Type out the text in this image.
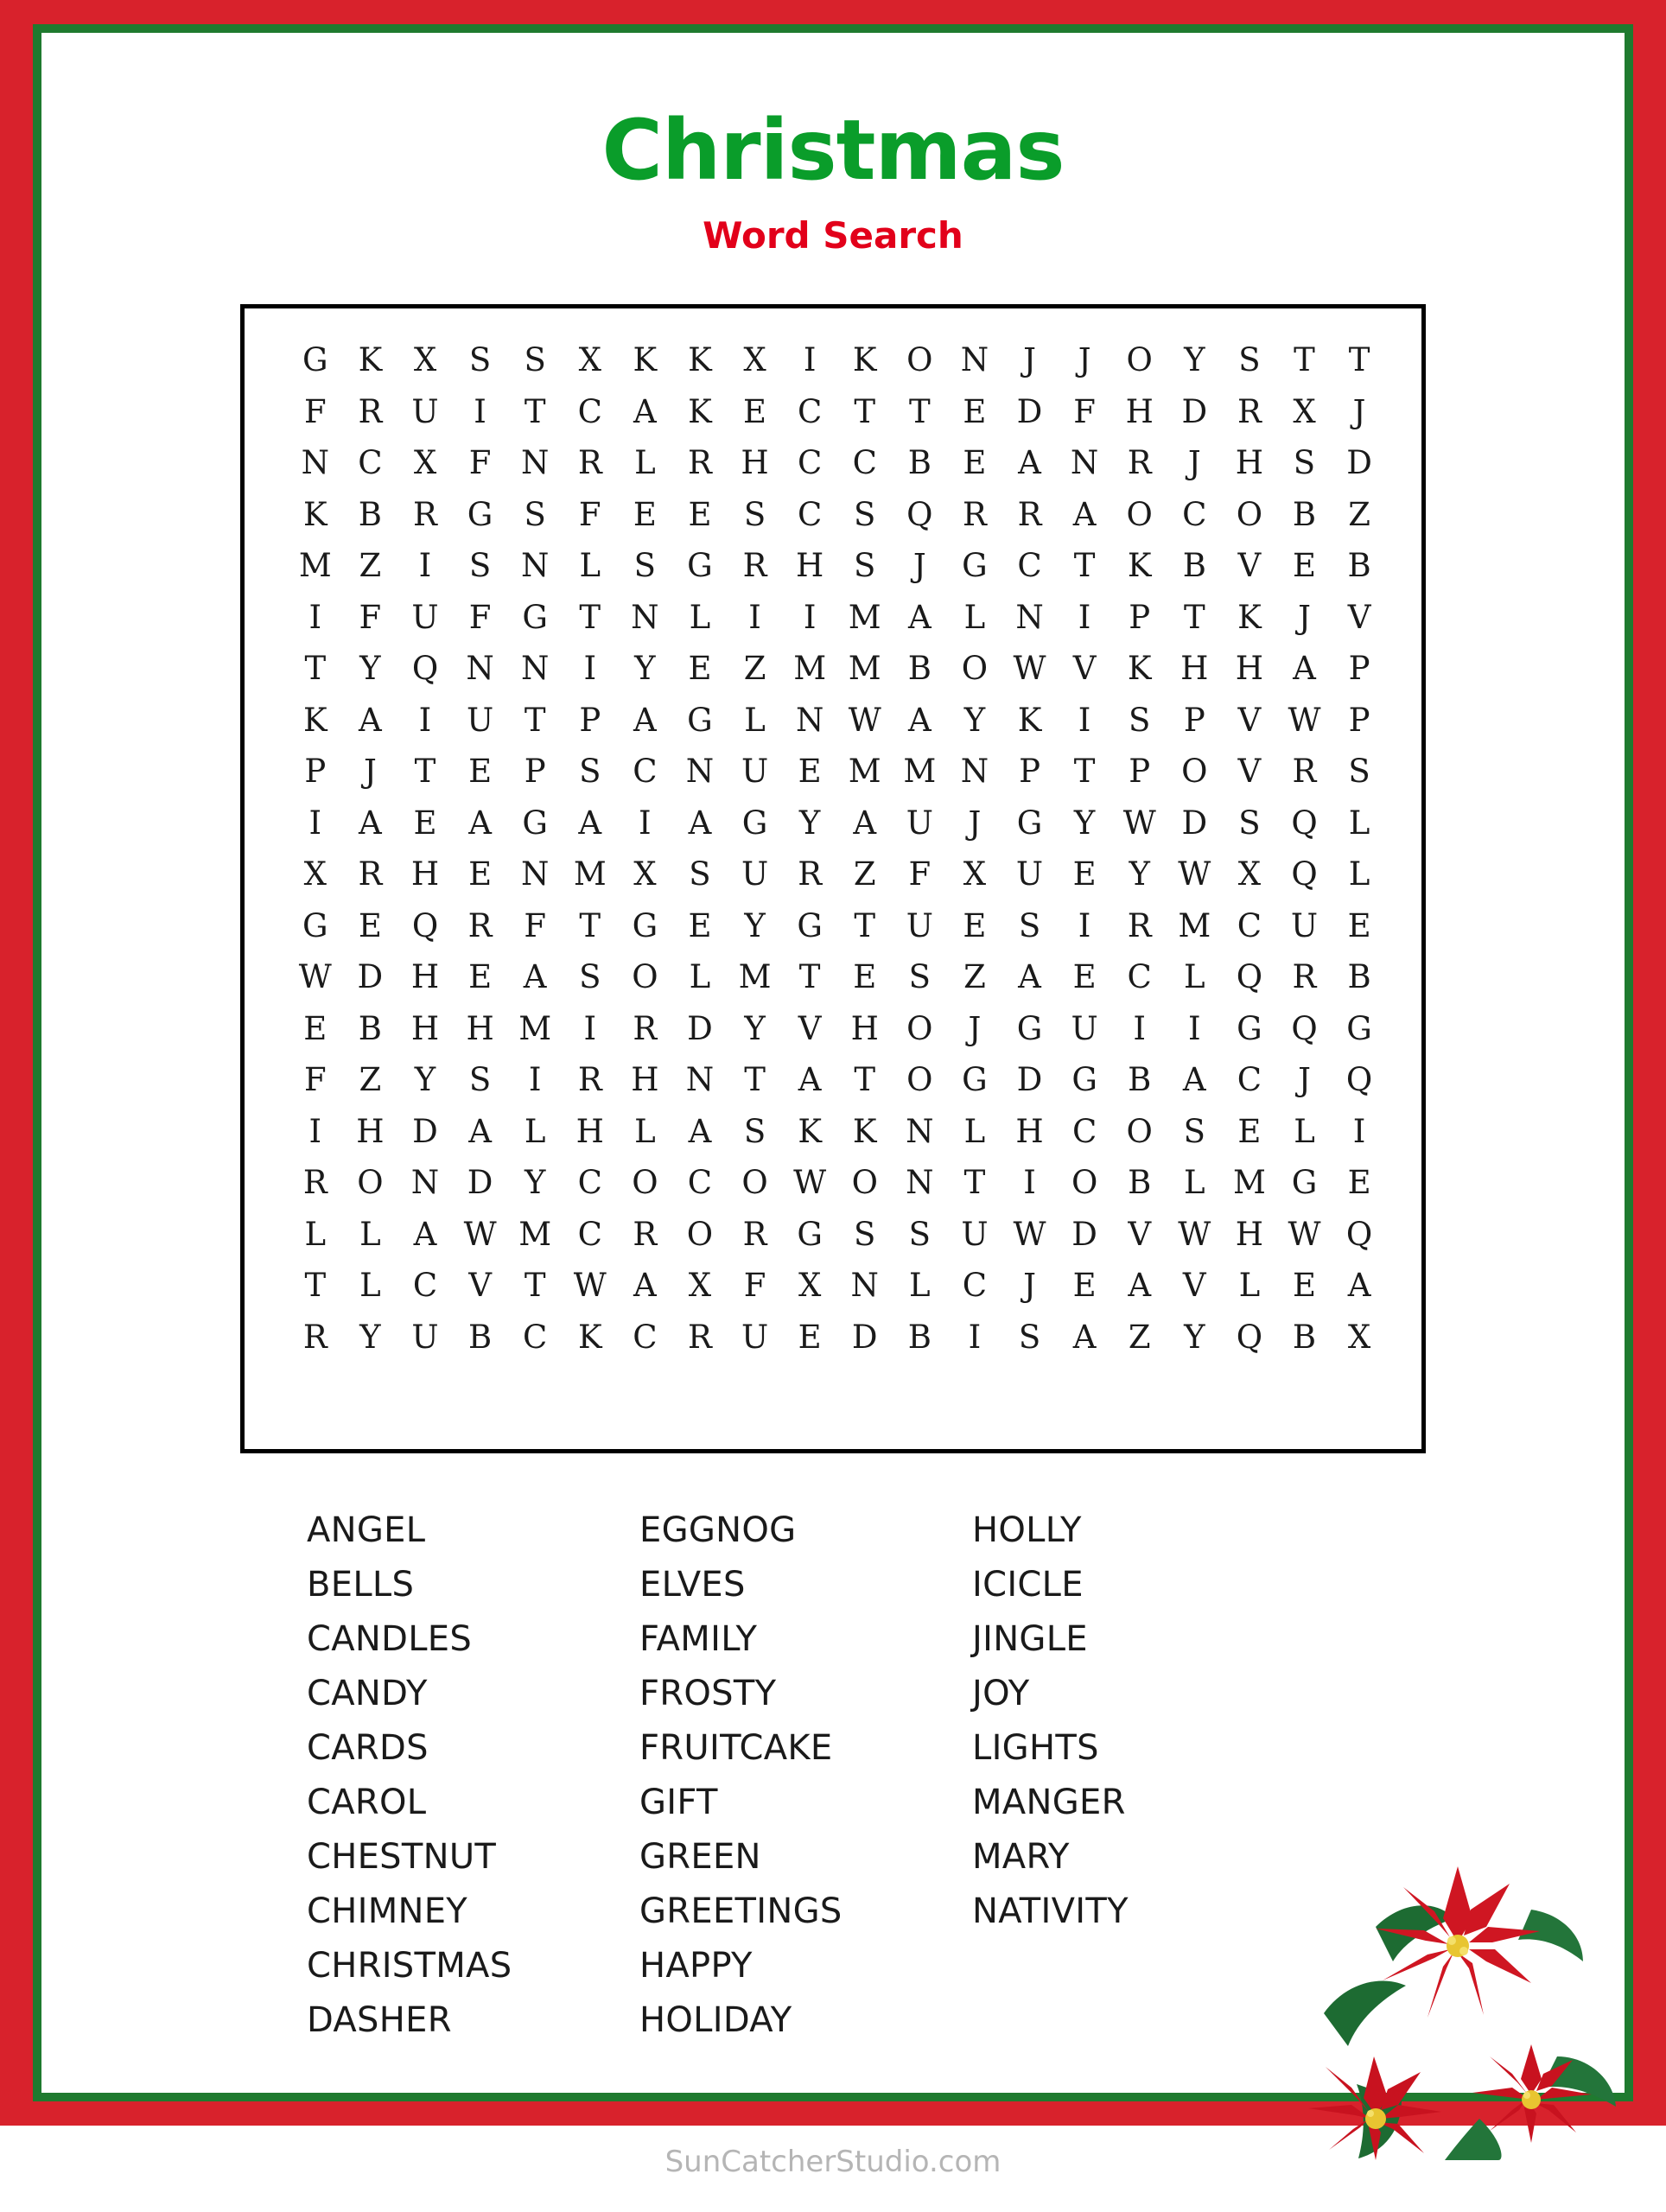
Christmas
Word Search
G K X	S	S	X K K X	I	K O N	J	J	O Y	S	T	T
F R U	I	T	C A K E C	T	T	E D F H D R X	J
N C X	F N R	L	R H C C B E A N R	J	H S D
K B R G S	F	E E	S C S Q R R A O C O B	Z
M Z	I	S N L	S G R H S	J	G C	T	K B V E B
I	F U F G T N L	I	I	M A	L N	I	P	T	K	J	V
T	Y Q N N	I	Y	E	Z M M B O W V K H H A	P
K A	I	U T	P	A G L N W A	Y	K	I	S	P	V W P
P	J	T	E	P	S C N U E M M N P	T	P O V R S
I	A E A G A	I	A G Y	A U	J	G Y W D S Q L
X R H E N M X	S U R Z	F	X U E	Y W X Q L
G E Q R F	T G E	Y G T U E	S	I	R M C U E
W D H E A	S O L M T	E	S	Z	A E C	L Q R B
E B H H M	I	R D Y	V H O	J	G U	I	I	G Q G
F	Z	Y	S	I	R H N T	A	T O G D G B A C	J	Q
I	H D A	L H L	A	S	K K N L H C O S	E	L	I
R O N D Y	C O C O W O N T	I	O B	L M G E
L	L	A W M C R O R G S	S U W D V W H W Q
T	L	C V	T W A	X	F	X N L	C	J	E A V	L	E A
R	Y U B C K C R U E D B	I	S	A	Z	Y Q B X
ANGEL
BELLS
CANDLES
CANDY
CARDS
CAROL
CHESTNUT
CHIMNEY
CHRISTMAS
DASHER
EGGNOG
ELVES
FAMILY
FROSTY
FRUITCAKE
GIFT
GREEN
GREETINGS
HAPPY
HOLIDAY
HOLLY
ICICLE
JINGLE
JOY
LIGHTS
MANGER
MARY
NATIVITY
SunCatcherStudio.com
